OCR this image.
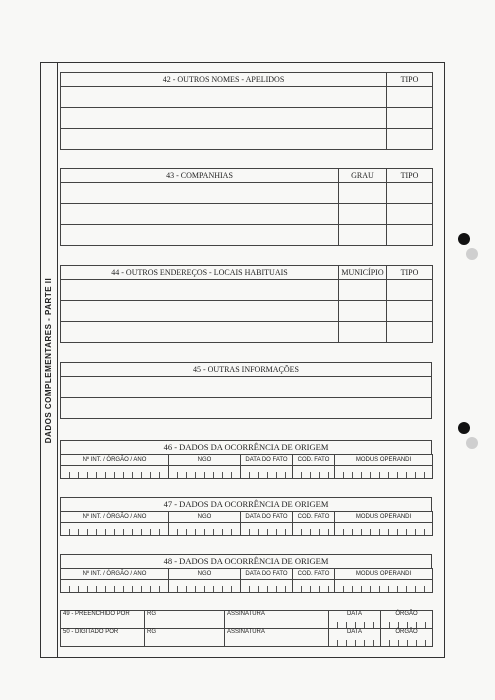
DADOS COMPLEMENTARES - PARTE II
42 - OUTROS NOMES - APELIDOS	TIPO

43 - COMPANHIAS	GRAU	TIPO

44 - OUTROS ENDEREÇOS - LOCAIS HABITUAIS	MUNICÍPIO	TIPO

45 - OUTRAS INFORMAÇÕES

46 - DADOS DA OCORRÊNCIA DE ORIGEM
Nº INT. / ÓRGÃO / ANO	NGO	DATA DO FATO	COD. FATO	MODUS OPERANDI

47 - DADOS DA OCORRÊNCIA DE ORIGEM
Nº INT. / ÓRGÃO / ANO	NGO	DATA DO FATO	COD. FATO	MODUS OPERANDI

48 - DADOS DA OCORRÊNCIA DE ORIGEM
Nº INT. / ÓRGÃO / ANO	NGO	DATA DO FATO	COD. FATO	MODUS OPERANDI

49 - PREENCHIDO POR	RG	ASSINATURA	DATA	ÓRGÃO
50 - DIGITADO POR	RG	ASSINATURA	DATA	ÓRGÃO
